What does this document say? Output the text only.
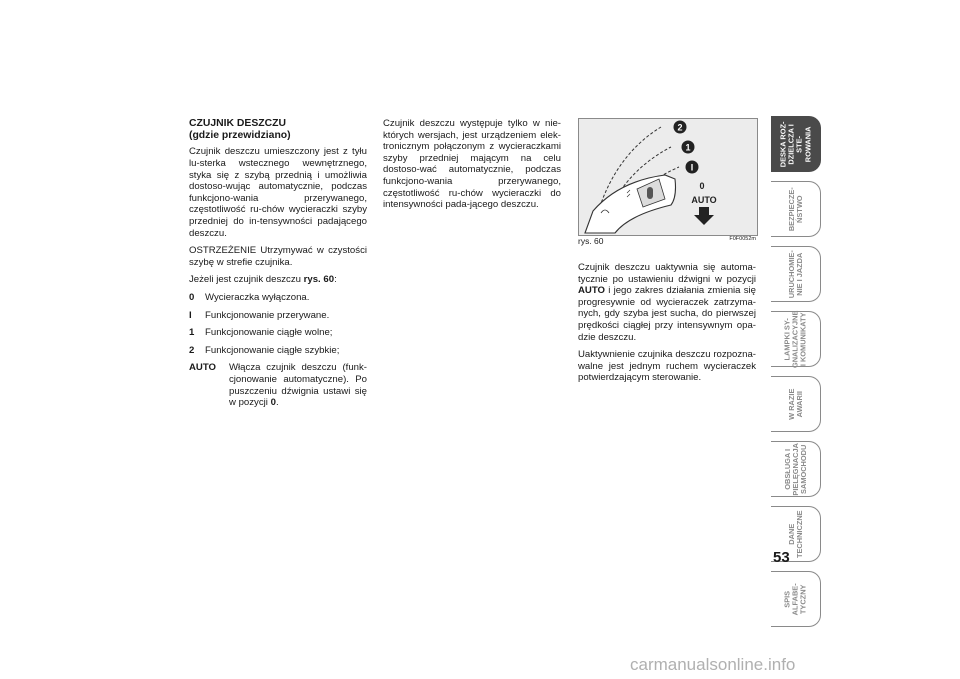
CZUJNIK DESZCZU
(gdzie przewidziano)

Czujnik deszczu umieszczony jest z tyłu lu-sterka wstecznego wewnętrznego, styka się z szybą przednią i umożliwia dostoso-wując automatycznie, podczas funkcjono-wania przerywanego, częstotliwość ru-chów wycieraczki szyby przedniej do in-tensywności padającego deszczu.

OSTRZEŻENIE Utrzymywać w czystości szybę w strefie czujnika.

Jeżeli jest czujnik deszczu rys. 60:

0	Wycieraczka wyłączona.
I	Funkcjonowanie przerywane.
1	Funkcjonowanie ciągłe wolne;
2	Funkcjonowanie ciągłe szybkie;
AUTO	Włącza czujnik deszczu (funk-cjonowanie automatyczne). Po puszczeniu dźwignia ustawi się w pozycji 0.

Czujnik deszczu występuje tylko w nie-których wersjach, jest urządzeniem elek-tronicznym połączonym z wycieraczkami szyby przedniej mającym na celu dostoso-wać automatycznie, podczas funkcjono-wania przerywanego, częstotliwość ru-chów wycieraczki do intensywności pada-jącego deszczu.

2
1
I
0
AUTO
rys. 60	F0F0052m

Czujnik deszczu uaktywnia się automa-tycznie po ustawieniu dźwigni w pozycji AUTO i jego zakres działania zmienia się progresywnie od wycieraczek zatrzyma-nych, gdy szyba jest sucha, do pierwszej prędkości ciągłej przy intensywnym opa-dzie deszczu.

Uaktywnienie czujnika deszczu rozpozna-walne jest jednym ruchem wycieraczek potwierdzającym sterowanie.

DESKA ROZ-
DZIELCZA I STE-
ROWANIA
BEZPIECZE-
ŃSTWO
URUCHOMIE-
NIE I JAZDA
LAMPKI SY-
GNALIZACYJNE
I KOMUNIKATY
W RAZIE
AWARII
OBSŁUGA I
PIELĘGNACJA
SAMOCHODU
DANE
TECHNICZNE
SPIS ALFABE-
TYCZNY
53
carmanualsonline.info
